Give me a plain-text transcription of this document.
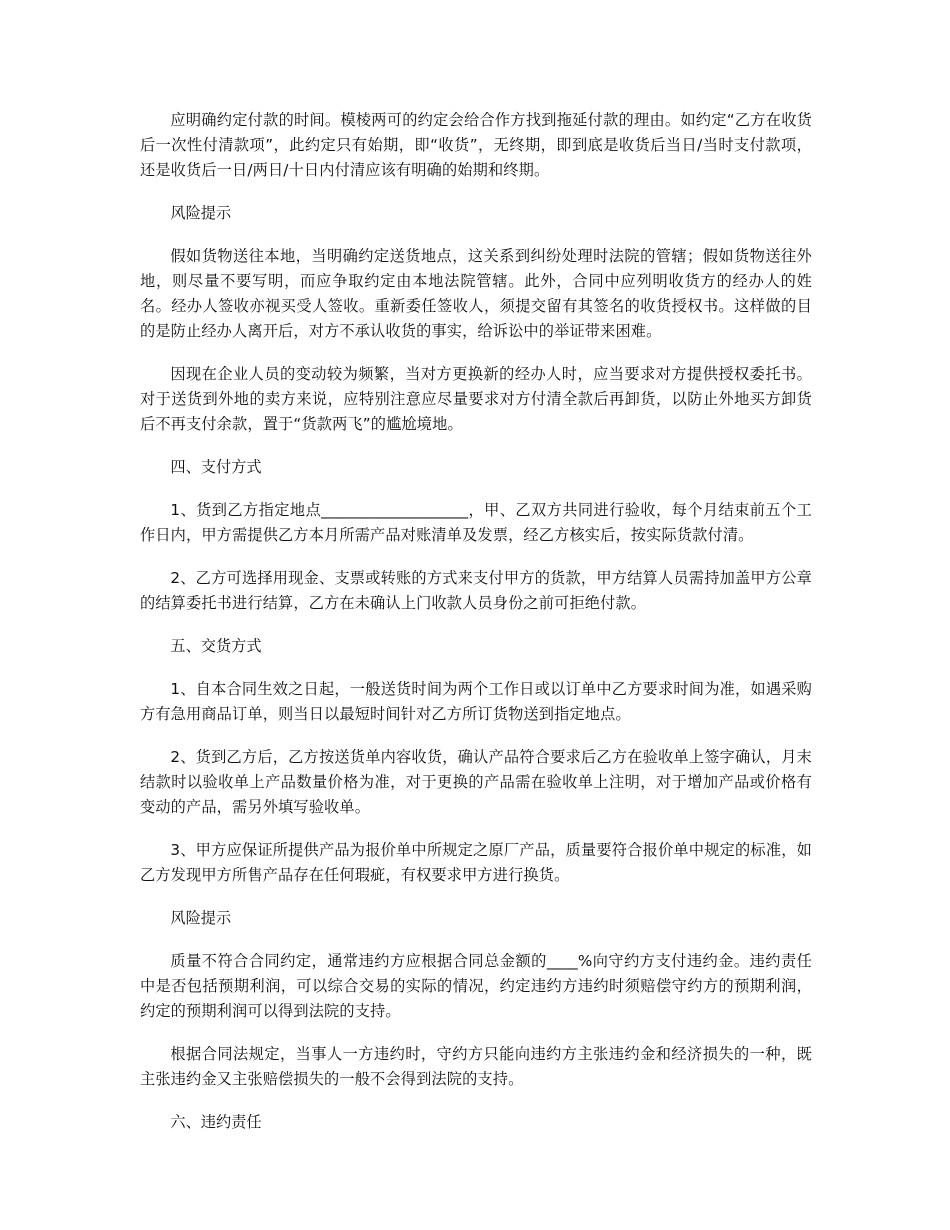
应明确约定付款的时间。模棱两可的约定会给合作方找到拖延付款的理由。如约定“乙方在收货后一次性付清款项”，此约定只有始期，即“收货”，无终期，即到底是收货后当日/当时支付款项，还是收货后一日/两日/十日内付清应该有明确的始期和终期。

风险提示

假如货物送往本地，当明确约定送货地点，这关系到纠纷处理时法院的管辖；假如货物送往外地，则尽量不要写明，而应争取约定由本地法院管辖。此外，合同中应列明收货方的经办人的姓名。经办人签收亦视买受人签收。重新委任签收人，须提交留有其签名的收货授权书。这样做的目的是防止经办人离开后，对方不承认收货的事实，给诉讼中的举证带来困难。

因现在企业人员的变动较为频繁，当对方更换新的经办人时，应当要求对方提供授权委托书。对于送货到外地的卖方来说，应特别注意应尽量要求对方付清全款后再卸货，以防止外地买方卸货后不再支付余款，置于“货款两飞”的尴尬境地。

四、支付方式

1、货到乙方指定地点___________________，甲、乙双方共同进行验收，每个月结束前五个工作日内，甲方需提供乙方本月所需产品对账清单及发票，经乙方核实后，按实际货款付清。

2、乙方可选择用现金、支票或转账的方式来支付甲方的货款，甲方结算人员需持加盖甲方公章的结算委托书进行结算，乙方在未确认上门收款人员身份之前可拒绝付款。

五、交货方式

1、自本合同生效之日起，一般送货时间为两个工作日或以订单中乙方要求时间为准，如遇采购方有急用商品订单，则当日以最短时间针对乙方所订货物送到指定地点。

2、货到乙方后，乙方按送货单内容收货，确认产品符合要求后乙方在验收单上签字确认，月末结款时以验收单上产品数量价格为准，对于更换的产品需在验收单上注明，对于增加产品或价格有变动的产品，需另外填写验收单。

3、甲方应保证所提供产品为报价单中所规定之原厂产品，质量要符合报价单中规定的标准，如乙方发现甲方所售产品存在任何瑕疵，有权要求甲方进行换货。

风险提示

质量不符合合同约定，通常违约方应根据合同总金额的____%向守约方支付违约金。违约责任中是否包括预期利润，可以综合交易的实际的情况，约定违约方违约时须赔偿守约方的预期利润，约定的预期利润可以得到法院的支持。

根据合同法规定，当事人一方违约时，守约方只能向违约方主张违约金和经济损失的一种，既主张违约金又主张赔偿损失的一般不会得到法院的支持。

六、违约责任
